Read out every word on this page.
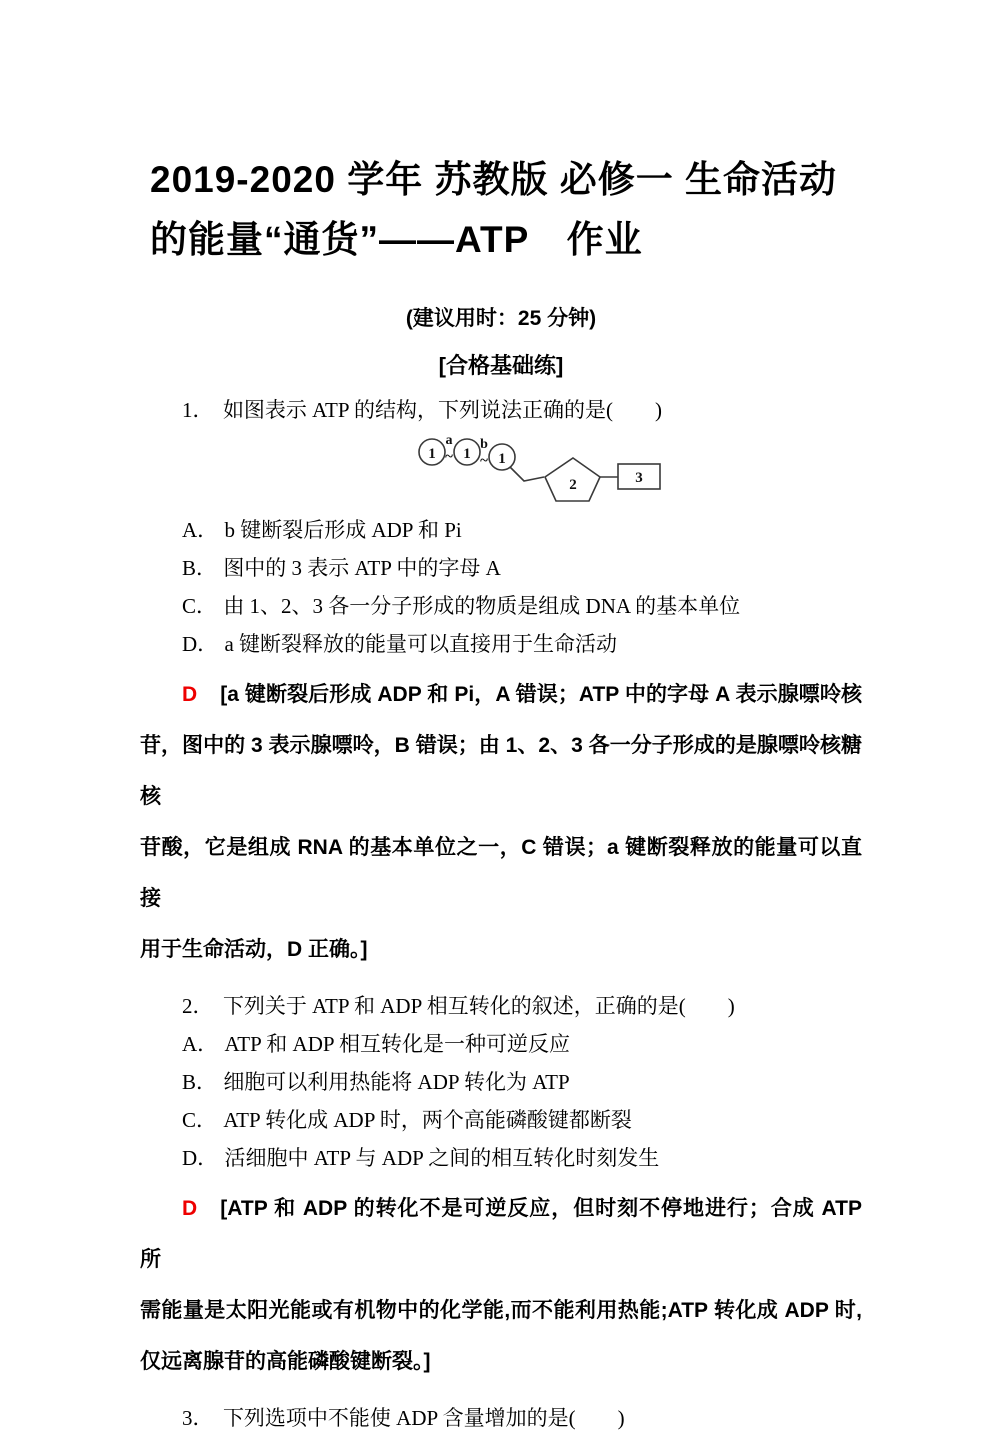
2019-2020 学年 苏教版 必修一 生命活动
的能量“通货”——ATP　作业
(建议用时：25 分钟)
[合格基础练]

1． 如图表示 ATP 的结构，下列说法正确的是(　　)

1
a
~ 1
b
~ 1
2	3

A． b 键断裂后形成 ADP 和 Pi

B． 图中的 3 表示 ATP 中的字母 A

C． 由 1、2、3 各一分子形成的物质是组成 DNA 的基本单位

D． a 键断裂释放的能量可以直接用于生命活动

D [a 键断裂后形成 ADP 和 Pi，A 错误；ATP 中的字母 A 表示腺嘌呤核
苷，图中的 3 表示腺嘌呤，B 错误；由 1、2、3 各一分子形成的是腺嘌呤核糖核
苷酸，它是组成 RNA 的基本单位之一，C 错误；a 键断裂释放的能量可以直接
用于生命活动，D 正确。]

2． 下列关于 ATP 和 ADP 相互转化的叙述，正确的是(　　)

A． ATP 和 ADP 相互转化是一种可逆反应

B． 细胞可以利用热能将 ADP 转化为 ATP

C． ATP 转化成 ADP 时，两个高能磷酸键都断裂

D． 活细胞中 ATP 与 ADP 之间的相互转化时刻发生

D [ATP 和 ADP 的转化不是可逆反应，但时刻不停地进行；合成 ATP 所
需能量是太阳光能或有机物中的化学能,而不能利用热能;ATP 转化成 ADP 时,
仅远离腺苷的高能磷酸键断裂。]

3． 下列选项中不能使 ADP 含量增加的是(　　)
